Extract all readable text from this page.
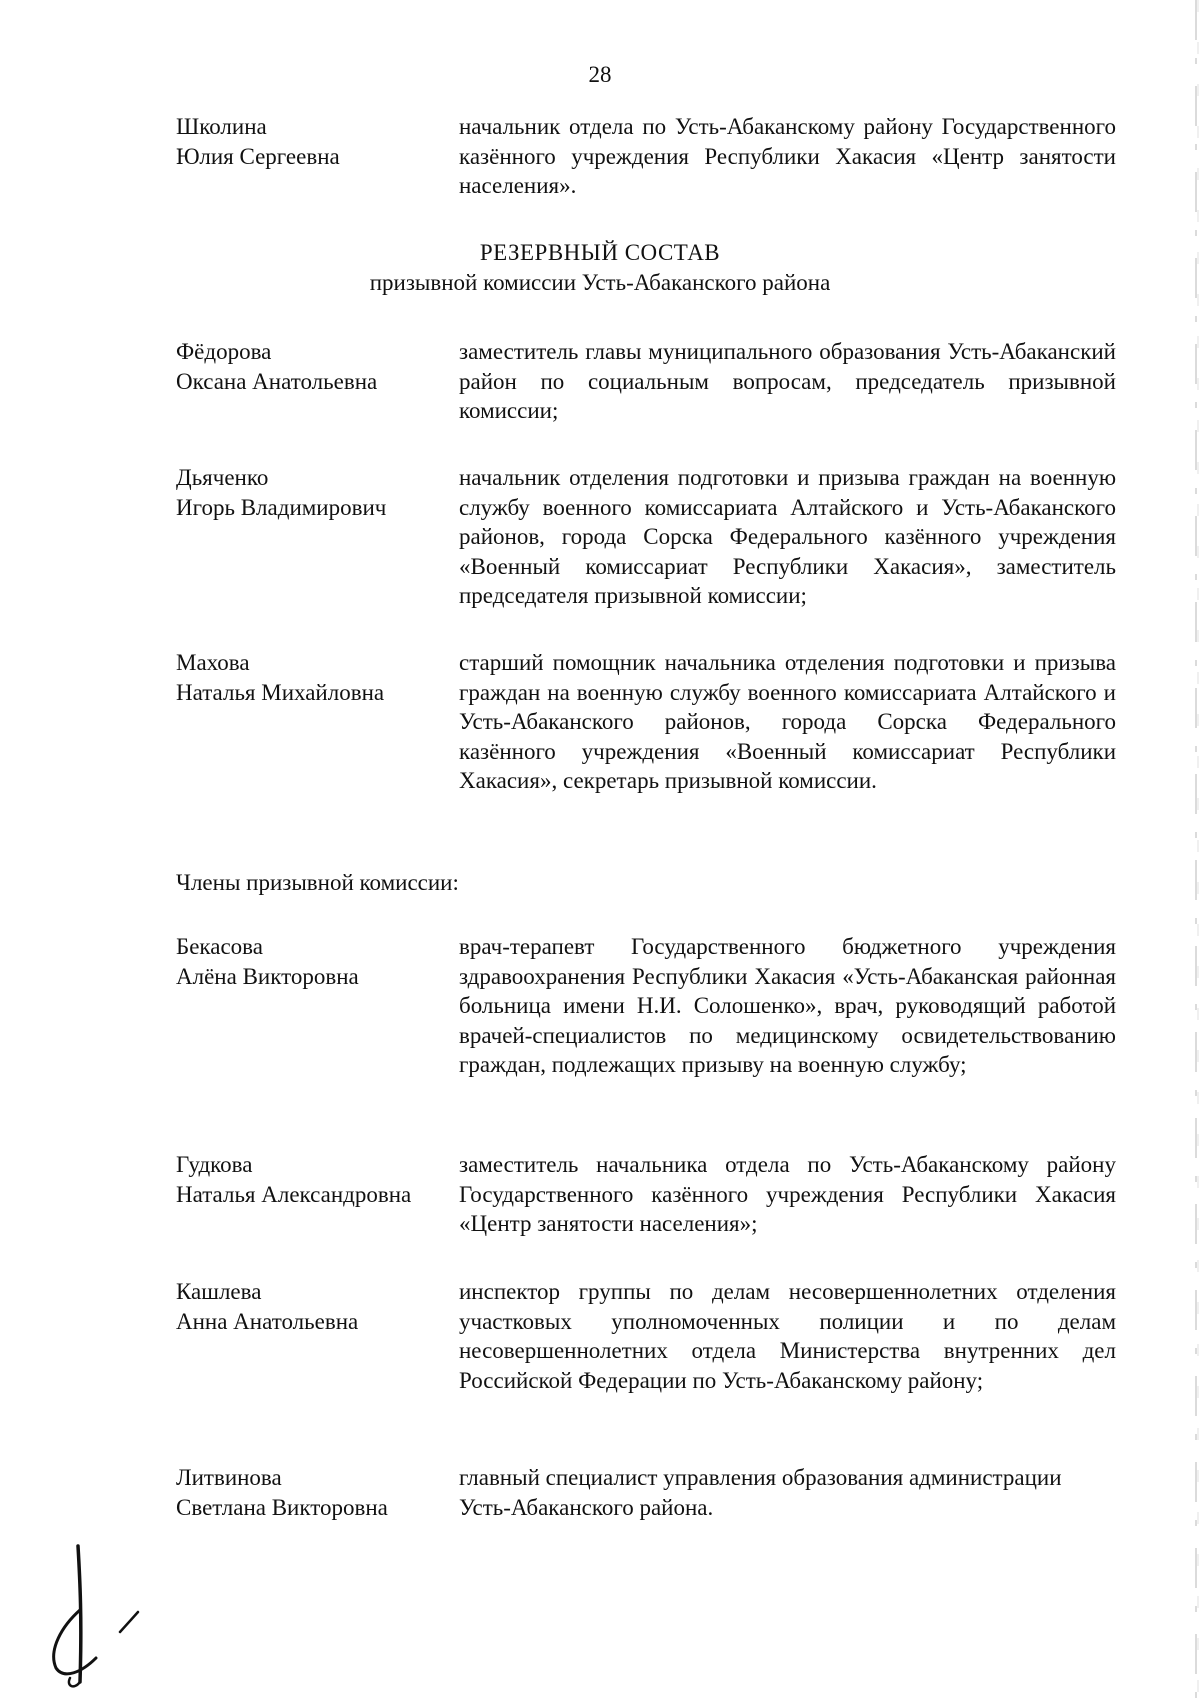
28
Школина
Юлия Сергеевна
начальник отдела по Усть-Абаканскому району Государственного казённого учреждения Республики Хакасия «Центр занятости населения».
РЕЗЕРВНЫЙ СОСТАВ
призывной комиссии Усть-Абаканского района
Фёдорова
Оксана Анатольевна
заместитель главы муниципального образования Усть-Абаканский район по социальным вопросам, председатель призывной комиссии;
Дьяченко
Игорь Владимирович
начальник отделения подготовки и призыва граждан на военную службу военного комиссариата Алтайского и Усть-Абаканского районов, города Сорска Федерального казённого учреждения «Военный комиссариат Республики Хакасия», заместитель председателя призывной комиссии;
Махова
Наталья Михайловна
старший помощник начальника отделения подготовки и призыва граждан на военную службу военного комиссариата Алтайского и Усть-Абаканского районов, города Сорска Федерального казённого учреждения «Военный комиссариат Республики Хакасия», секретарь призывной комиссии.
Члены призывной комиссии:
Бекасова
Алёна Викторовна
врач-терапевт Государственного бюджетного учреждения здравоохранения Республики Хакасия «Усть-Абаканская районная больница имени Н.И. Солошенко», врач, руководящий работой врачей-специалистов по медицинскому освидетельствованию граждан, подлежащих призыву на военную службу;
Гудкова
Наталья Александровна
заместитель начальника отдела по Усть-Абаканскому району Государственного казённого учреждения Республики Хакасия «Центр занятости населения»;
Кашлева
Анна Анатольевна
инспектор группы по делам несовершеннолетних отделения участковых уполномоченных полиции и по делам несовершеннолетних отдела Министерства внутренних дел Российской Федерации по Усть-Абаканскому району;
Литвинова
Светлана Викторовна
главный специалист управления образования администрации Усть-Абаканского района.
